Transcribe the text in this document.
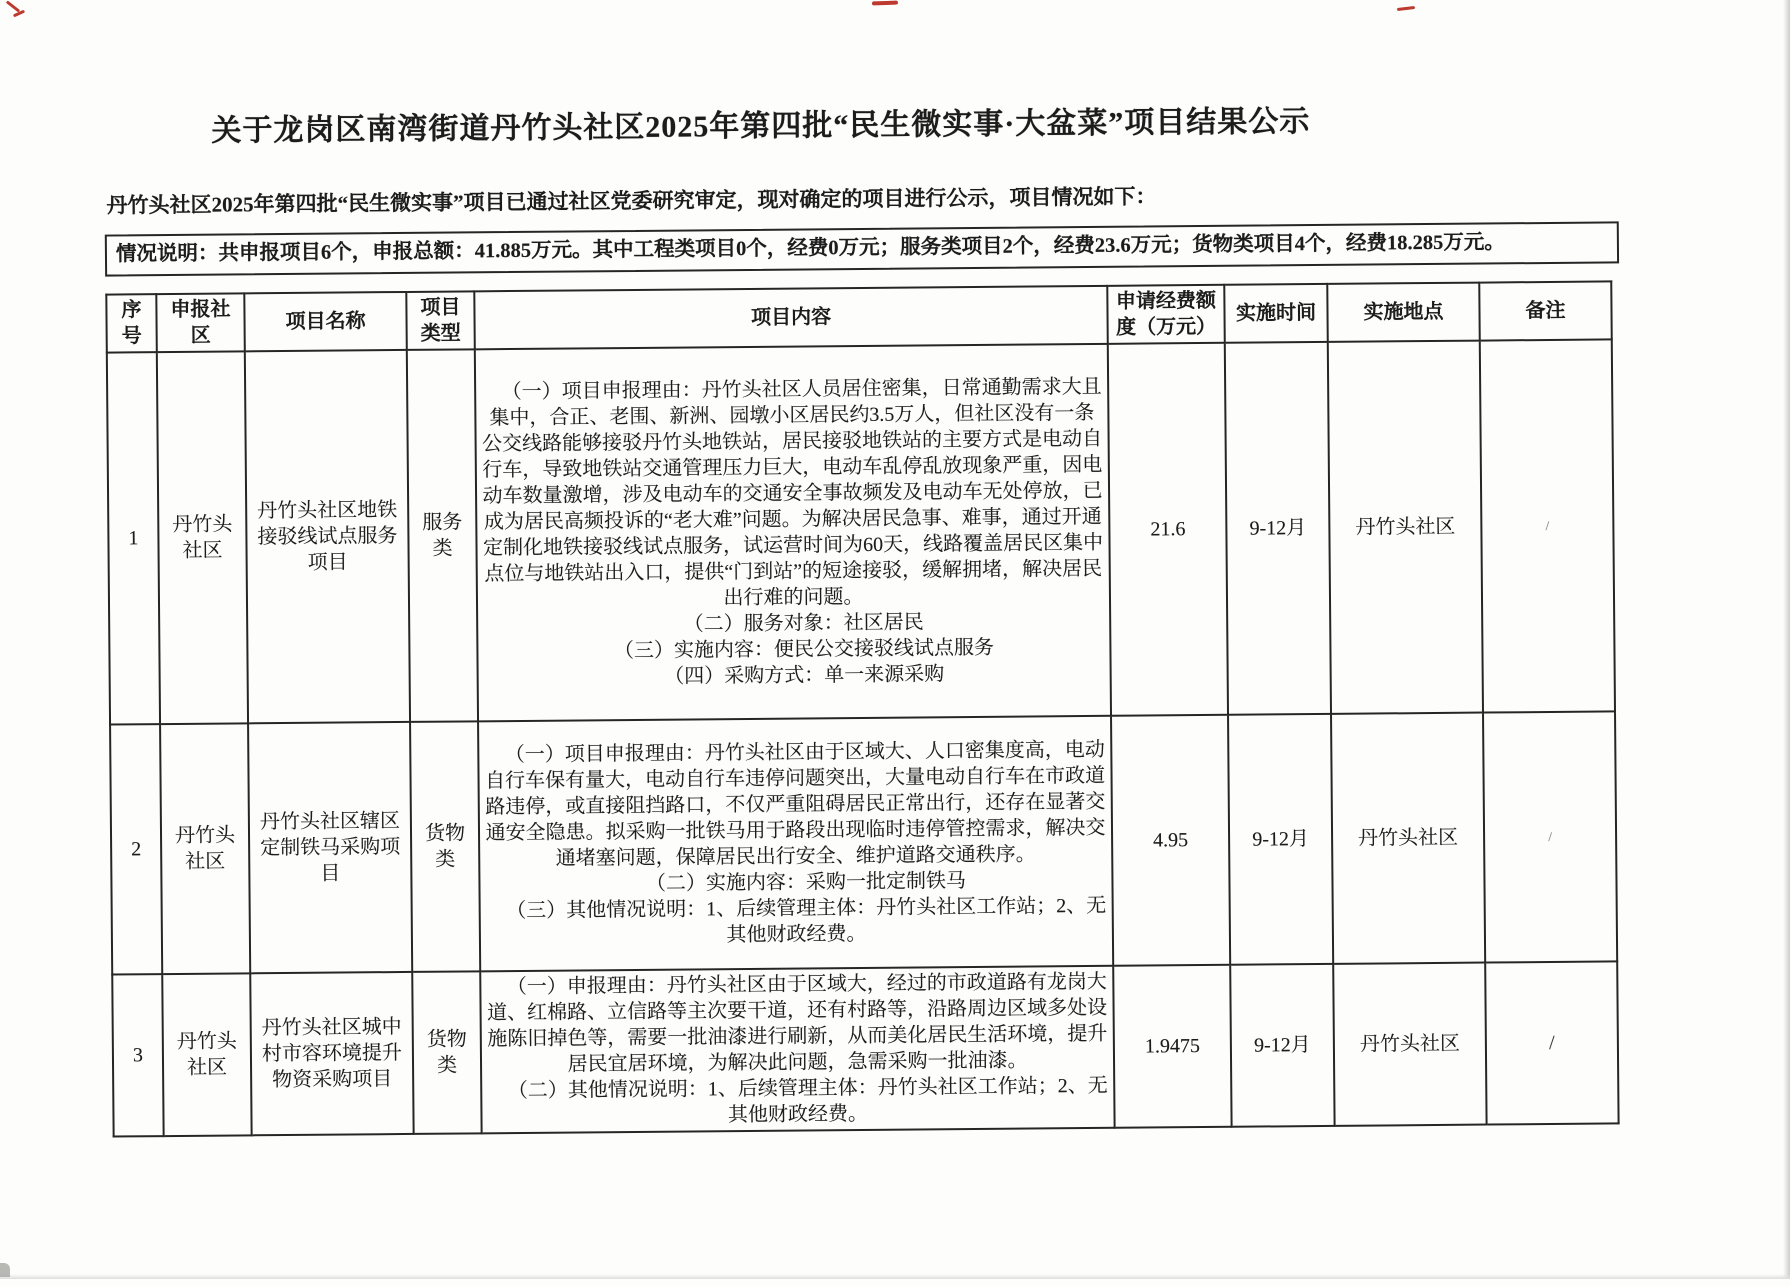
关于龙岗区南湾街道丹竹头社区2025年第四批“民生微实事·大盆菜”项目结果公示

丹竹头社区2025年第四批“民生微实事”项目已通过社区党委研究审定，现对确定的项目进行公示，项目情况如下：

情况说明：共申报项目6个，申报总额：41.885万元。其中工程类项目0个，经费0万元；服务类项目2个，经费23.6万元；货物类项目4个，经费18.285万元。
序号	申报社区	项目名称	项目类型	项目内容	申请经费额度（万元）	实施时间	实施地点	备注
1	丹竹头社区	丹竹头社区地铁接驳线试点服务项目	服务类	（一）项目申报理由：丹竹头社区人员居住密集，日常通勤需求大且集中，合正、老围、新洲、园墩小区居民约3.5万人，但社区没有一条公交线路能够接驳丹竹头地铁站，居民接驳地铁站的主要方式是电动自行车，导致地铁站交通管理压力巨大，电动车乱停乱放现象严重，因电动车数量激增，涉及电动车的交通安全事故频发及电动车无处停放，已成为居民高频投诉的“老大难”问题。为解决居民急事、难事，通过开通定制化地铁接驳线试点服务，试运营时间为60天，线路覆盖居民区集中点位与地铁站出入口，提供“门到站”的短途接驳，缓解拥堵，解决居民出行难的问题。

（二）服务对象：社区居民

（三）实施内容：便民公交接驳线试点服务

（四）采购方式：单一来源采购	21.6	9-12月	丹竹头社区	/
2	丹竹头社区	丹竹头社区辖区定制铁马采购项目	货物类	（一）项目申报理由：丹竹头社区由于区域大、人口密集度高，电动自行车保有量大，电动自行车违停问题突出，大量电动自行车在市政道路违停，或直接阻挡路口，不仅严重阻碍居民正常出行，还存在显著交通安全隐患。拟采购一批铁马用于路段出现临时违停管控需求，解决交通堵塞问题，保障居民出行安全、维护道路交通秩序。

（二）实施内容：采购一批定制铁马

（三）其他情况说明：1、后续管理主体：丹竹头社区工作站；2、无其他财政经费。	4.95	9-12月	丹竹头社区	/
3	丹竹头社区	丹竹头社区城中村市容环境提升物资采购项目	货物类	（一）申报理由：丹竹头社区由于区域大，经过的市政道路有龙岗大道、红棉路、立信路等主次要干道，还有村路等，沿路周边区域多处设施陈旧掉色等，需要一批油漆进行刷新，从而美化居民生活环境，提升居民宜居环境，为解决此问题，急需采购一批油漆。

（二）其他情况说明：1、后续管理主体：丹竹头社区工作站；2、无其他财政经费。	1.9475	9-12月	丹竹头社区	/
